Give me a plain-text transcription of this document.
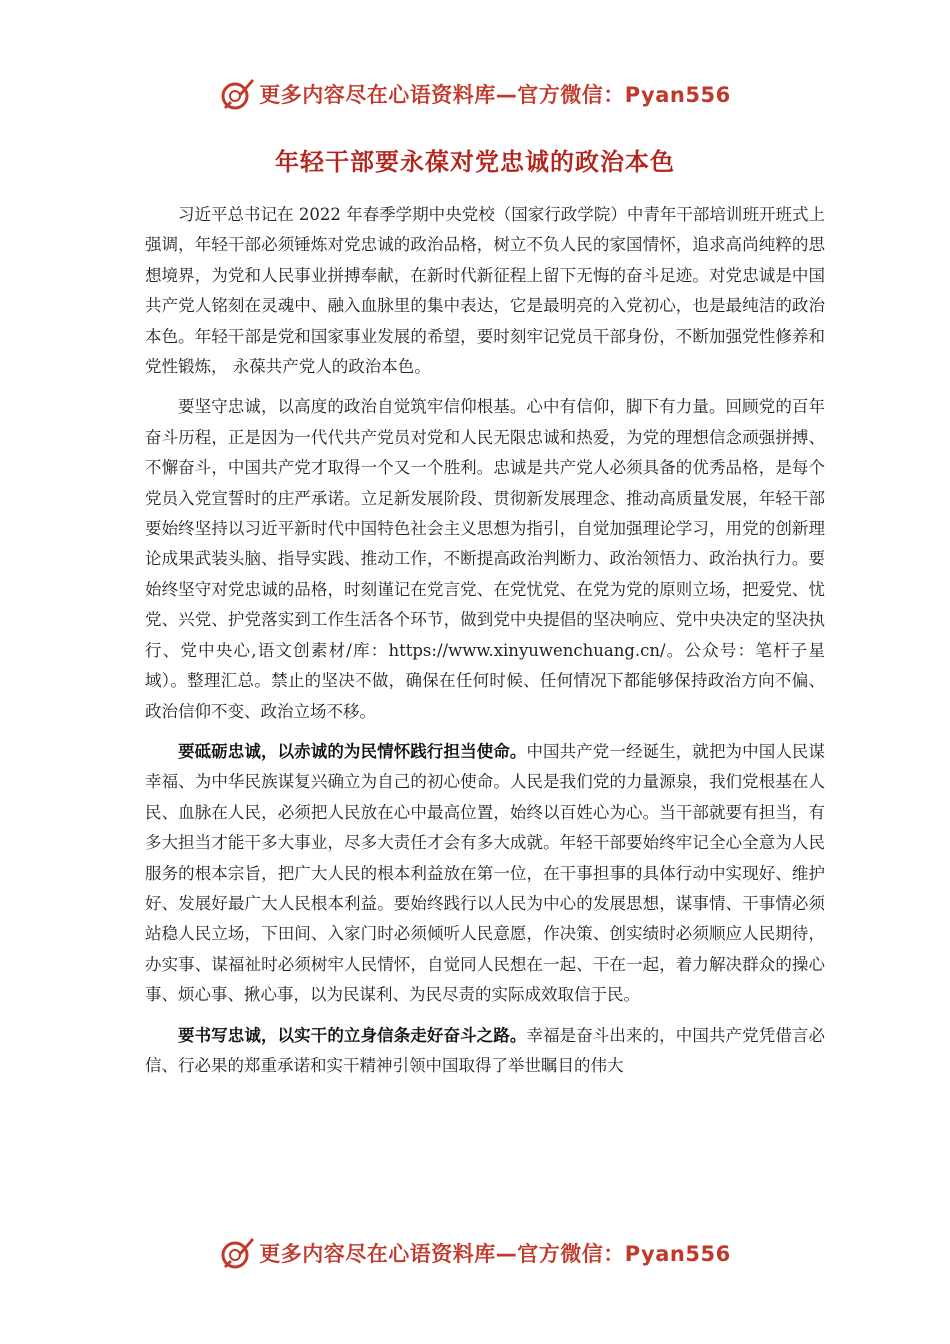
更多内容尽在心语资料库—官方微信：Pyan556
年轻干部要永葆对党忠诚的政治本色

习近平总书记在 2022 年春季学期中央党校（国家行政学院）中青年干部培训班开班式上强调，年轻干部必须锤炼对党忠诚的政治品格，树立不负人民的家国情怀，追求高尚纯粹的思想境界，为党和人民事业拼搏奉献，在新时代新征程上留下无悔的奋斗足迹。对党忠诚是中国共产党人铭刻在灵魂中、融入血脉里的集中表达，它是最明亮的入党初心，也是最纯洁的政治本色。年轻干部是党和国家事业发展的希望，要时刻牢记党员干部身份，不断加强党性修养和党性锻炼， 永葆共产党人的政治本色。

要坚守忠诚，以高度的政治自觉筑牢信仰根基。心中有信仰，脚下有力量。回顾党的百年奋斗历程，正是因为一代代共产党员对党和人民无限忠诚和热爱，为党的理想信念顽强拼搏、不懈奋斗，中国共产党才取得一个又一个胜利。忠诚是共产党人必须具备的优秀品格，是每个党员入党宣誓时的庄严承诺。立足新发展阶段、贯彻新发展理念、推动高质量发展，年轻干部要始终坚持以习近平新时代中国特色社会主义思想为指引，自觉加强理论学习，用党的创新理论成果武装头脑、指导实践、推动工作，不断提高政治判断力、政治领悟力、政治执行力。要始终坚守对党忠诚的品格，时刻谨记在党言党、在党忧党、在党为党的原则立场，把爱党、忧党、兴党、护党落实到工作生活各个环节，做到党中央提倡的坚决响应、党中央决定的坚决执行、党中央心,语文创素材/库：https://www.xinyuwenchuang.cn/。公众号：笔杆子星域）。整理汇总。禁止的坚决不做，确保在任何时候、任何情况下都能够保持政治方向不偏、政治信仰不变、政治立场不移。

要砥砺忠诚，以赤诚的为民情怀践行担当使命。中国共产党一经诞生，就把为中国人民谋幸福、为中华民族谋复兴确立为自己的初心使命。人民是我们党的力量源泉，我们党根基在人民、血脉在人民，必须把人民放在心中最高位置，始终以百姓心为心。当干部就要有担当，有多大担当才能干多大事业，尽多大责任才会有多大成就。年轻干部要始终牢记全心全意为人民服务的根本宗旨，把广大人民的根本利益放在第一位，在干事担事的具体行动中实现好、维护好、发展好最广大人民根本利益。要始终践行以人民为中心的发展思想，谋事情、干事情必须站稳人民立场，下田间、入家门时必须倾听人民意愿，作决策、创实绩时必须顺应人民期待，办实事、谋福祉时必须树牢人民情怀，自觉同人民想在一起、干在一起，着力解决群众的操心事、烦心事、揪心事，以为民谋利、为民尽责的实际成效取信于民。

要书写忠诚，以实干的立身信条走好奋斗之路。幸福是奋斗出来的，中国共产党凭借言必信、行必果的郑重承诺和实干精神引领中国取得了举世瞩目的伟大

更多内容尽在心语资料库—官方微信：Pyan556
